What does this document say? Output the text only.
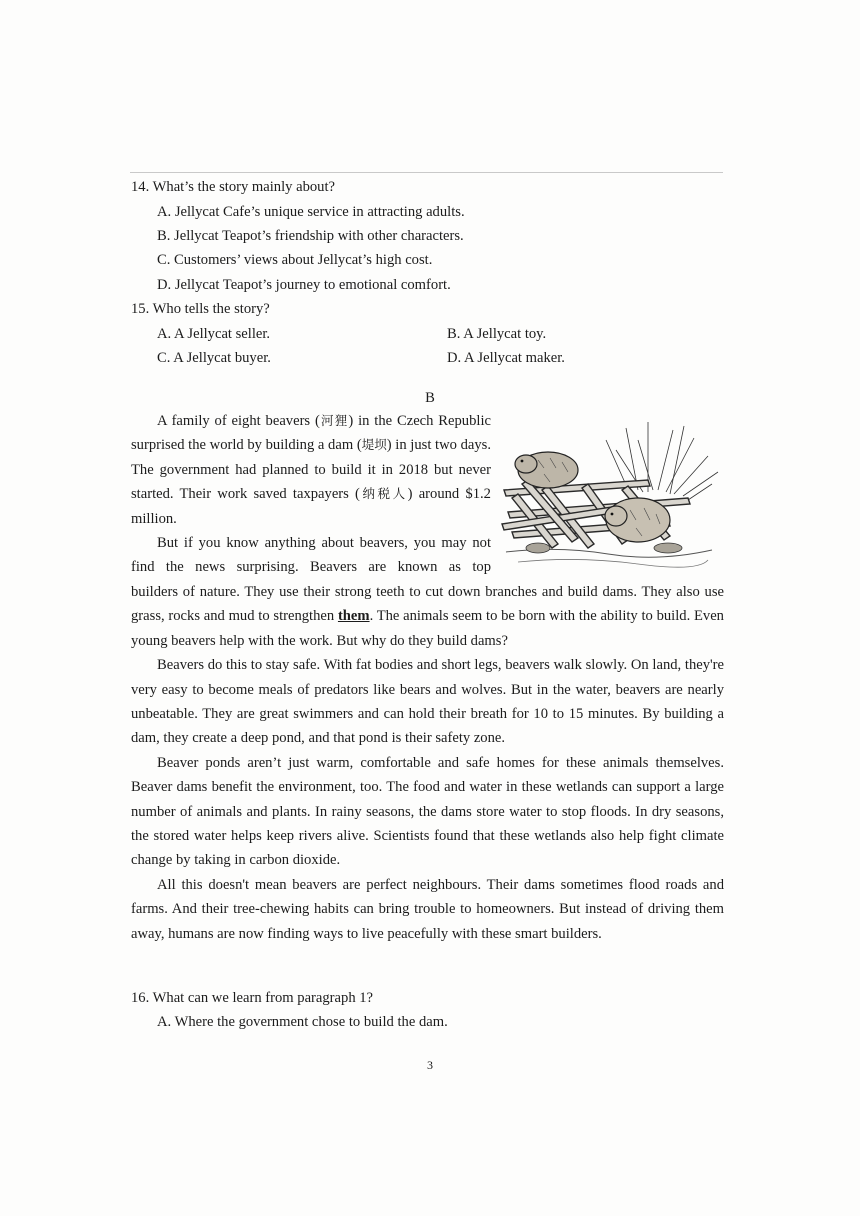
14. What’s the story mainly about?
A. Jellycat Cafe’s unique service in attracting adults.
B. Jellycat Teapot’s friendship with other characters.
C. Customers’ views about Jellycat’s high cost.
D. Jellycat Teapot’s journey to emotional comfort.
15. Who tells the story?
A. A Jellycat seller.	B. A Jellycat toy.
C. A Jellycat buyer.	D. A Jellycat maker.
B

A family of eight beavers (河狸) in the Czech Republic surprised the world by building a dam (堤坝) in just two days. The government had planned to build it in 2018 but never started. Their work saved taxpayers (纳税人) around $1.2 million.

But if you know anything about beavers, you may not find the news surprising. Beavers are known as top

builders of nature. They use their strong teeth to cut down branches and build dams. They also use grass, rocks and mud to strengthen them. The animals seem to be born with the ability to build. Even young beavers help with the work. But why do they build dams?

Beavers do this to stay safe. With fat bodies and short legs, beavers walk slowly. On land, they're very easy to become meals of predators like bears and wolves. But in the water, beavers are nearly unbeatable. They are great swimmers and can hold their breath for 10 to 15 minutes. By building a dam, they create a deep pond, and that pond is their safety zone.

Beaver ponds aren’t just warm, comfortable and safe homes for these animals themselves. Beaver dams benefit the environment, too. The food and water in these wetlands can support a large number of animals and plants. In rainy seasons, the dams store water to stop floods. In dry seasons, the stored water helps keep rivers alive. Scientists found that these wetlands also help fight climate change by taking in carbon dioxide.

All this doesn't mean beavers are perfect neighbours. Their dams sometimes flood roads and farms. And their tree-chewing habits can bring trouble to homeowners. But instead of driving them away, humans are now finding ways to live peacefully with these smart builders.

16. What can we learn from paragraph 1?
A. Where the government chose to build the dam.
3
